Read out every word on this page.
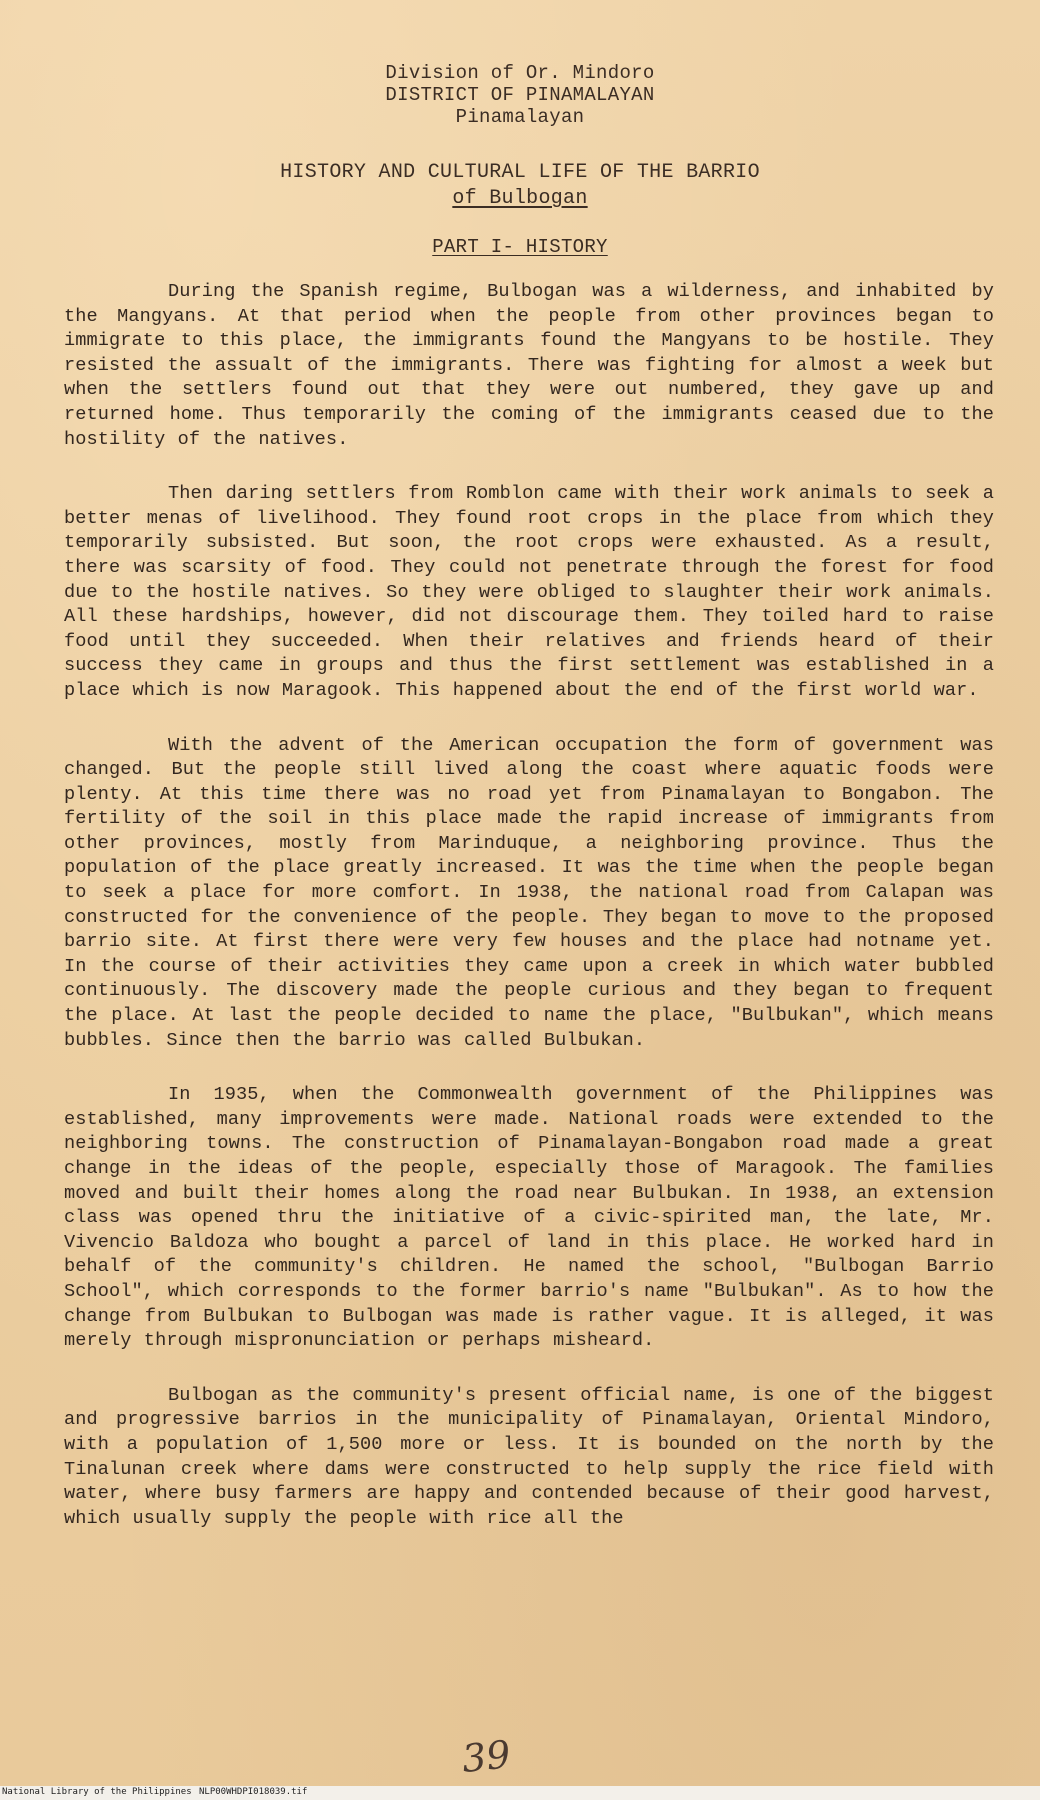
Division of Or. Mindoro
DISTRICT OF PINAMALAYAN
Pinamalayan
HISTORY AND CULTURAL LIFE OF THE BARRIO
of Bulbogan
PART I- HISTORY

During the Spanish regime, Bulbogan was a wilderness, and inhabited by the Mangyans. At that period when the people from other provinces began to immigrate to this place, the immigrants found the Mangyans to be hostile. They resisted the assualt of the immigrants. There was fighting for almost a week but when the settlers found out that they were out numbered, they gave up and returned home. Thus temporarily the coming of the immigrants ceased due to the hostility of the natives.

Then daring settlers from Romblon came with their work animals to seek a better menas of livelihood. They found root crops in the place from which they temporarily subsisted. But soon, the root crops were exhausted. As a result, there was scarsity of food. They could not penetrate through the forest for food due to the hostile natives. So they were obliged to slaughter their work animals. All these hardships, however, did not discourage them. They toiled hard to raise food until they succeeded. When their relatives and friends heard of their success they came in groups and thus the first settlement was established in a place which is now Maragook. This happened about the end of the first world war.

With the advent of the American occupation the form of government was changed. But the people still lived along the coast where aquatic foods were plenty. At this time there was no road yet from Pinamalayan to Bongabon. The fertility of the soil in this place made the rapid increase of immigrants from other provinces, mostly from Marinduque, a neighboring province. Thus the population of the place greatly increased. It was the time when the people began to seek a place for more comfort. In 1938, the national road from Calapan was constructed for the convenience of the people. They began to move to the proposed barrio site. At first there were very few houses and the place had notname yet. In the course of their activities they came upon a creek in which water bubbled continuously. The discovery made the people curious and they began to frequent the place. At last the people decided to name the place, "Bulbukan", which means bubbles. Since then the barrio was called Bulbukan.

In 1935, when the Commonwealth government of the Philippines was established, many improvements were made. National roads were extended to the neighboring towns. The construction of Pinamalayan-Bongabon road made a great change in the ideas of the people, especially those of Maragook. The families moved and built their homes along the road near Bulbukan. In 1938, an extension class was opened thru the initiative of a civic-spirited man, the late, Mr. Vivencio Baldoza who bought a parcel of land in this place. He worked hard in behalf of the community's children. He named the school, "Bulbogan Barrio School", which corresponds to the former barrio's name "Bulbukan". As to how the change from Bulbukan to Bulbogan was made is rather vague. It is alleged, it was merely through mispronunciation or perhaps misheard.

Bulbogan as the community's present official name, is one of the biggest and progressive barrios in the municipality of Pinamalayan, Oriental Mindoro, with a population of 1,500 more or less. It is bounded on the north by the Tinalunan creek where dams were constructed to help supply the rice field with water, where busy farmers are happy and contended because of their good harvest, which usually supply the people with rice all the

39
National Library of the Philippines NLP00WHDPI018039.tif
